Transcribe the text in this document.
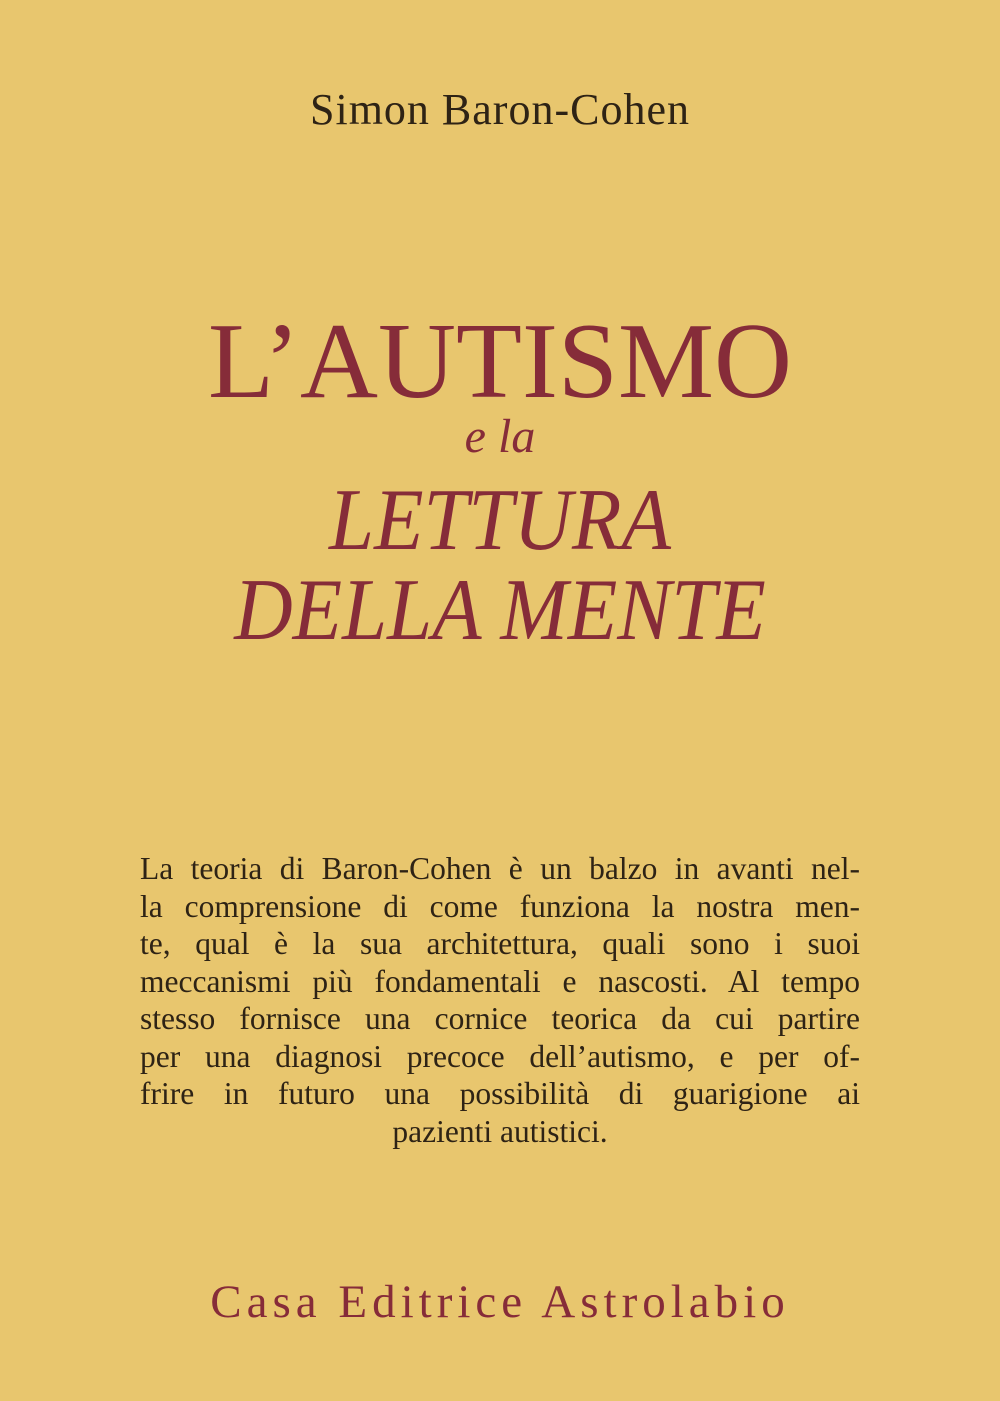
Simon Baron-Cohen
L’AUTISMO
e la
LETTURA
DELLA MENTE
La teoria di Baron-Cohen è un balzo in avanti nel-
la comprensione di come funziona la nostra men-
te, qual è la sua architettura, quali sono i suoi
meccanismi più fondamentali e nascosti. Al tempo
stesso fornisce una cornice teorica da cui partire
per una diagnosi precoce dell’autismo, e per of-
frire in futuro una possibilità di guarigione ai
pazienti autistici.
Casa Editrice Astrolabio
